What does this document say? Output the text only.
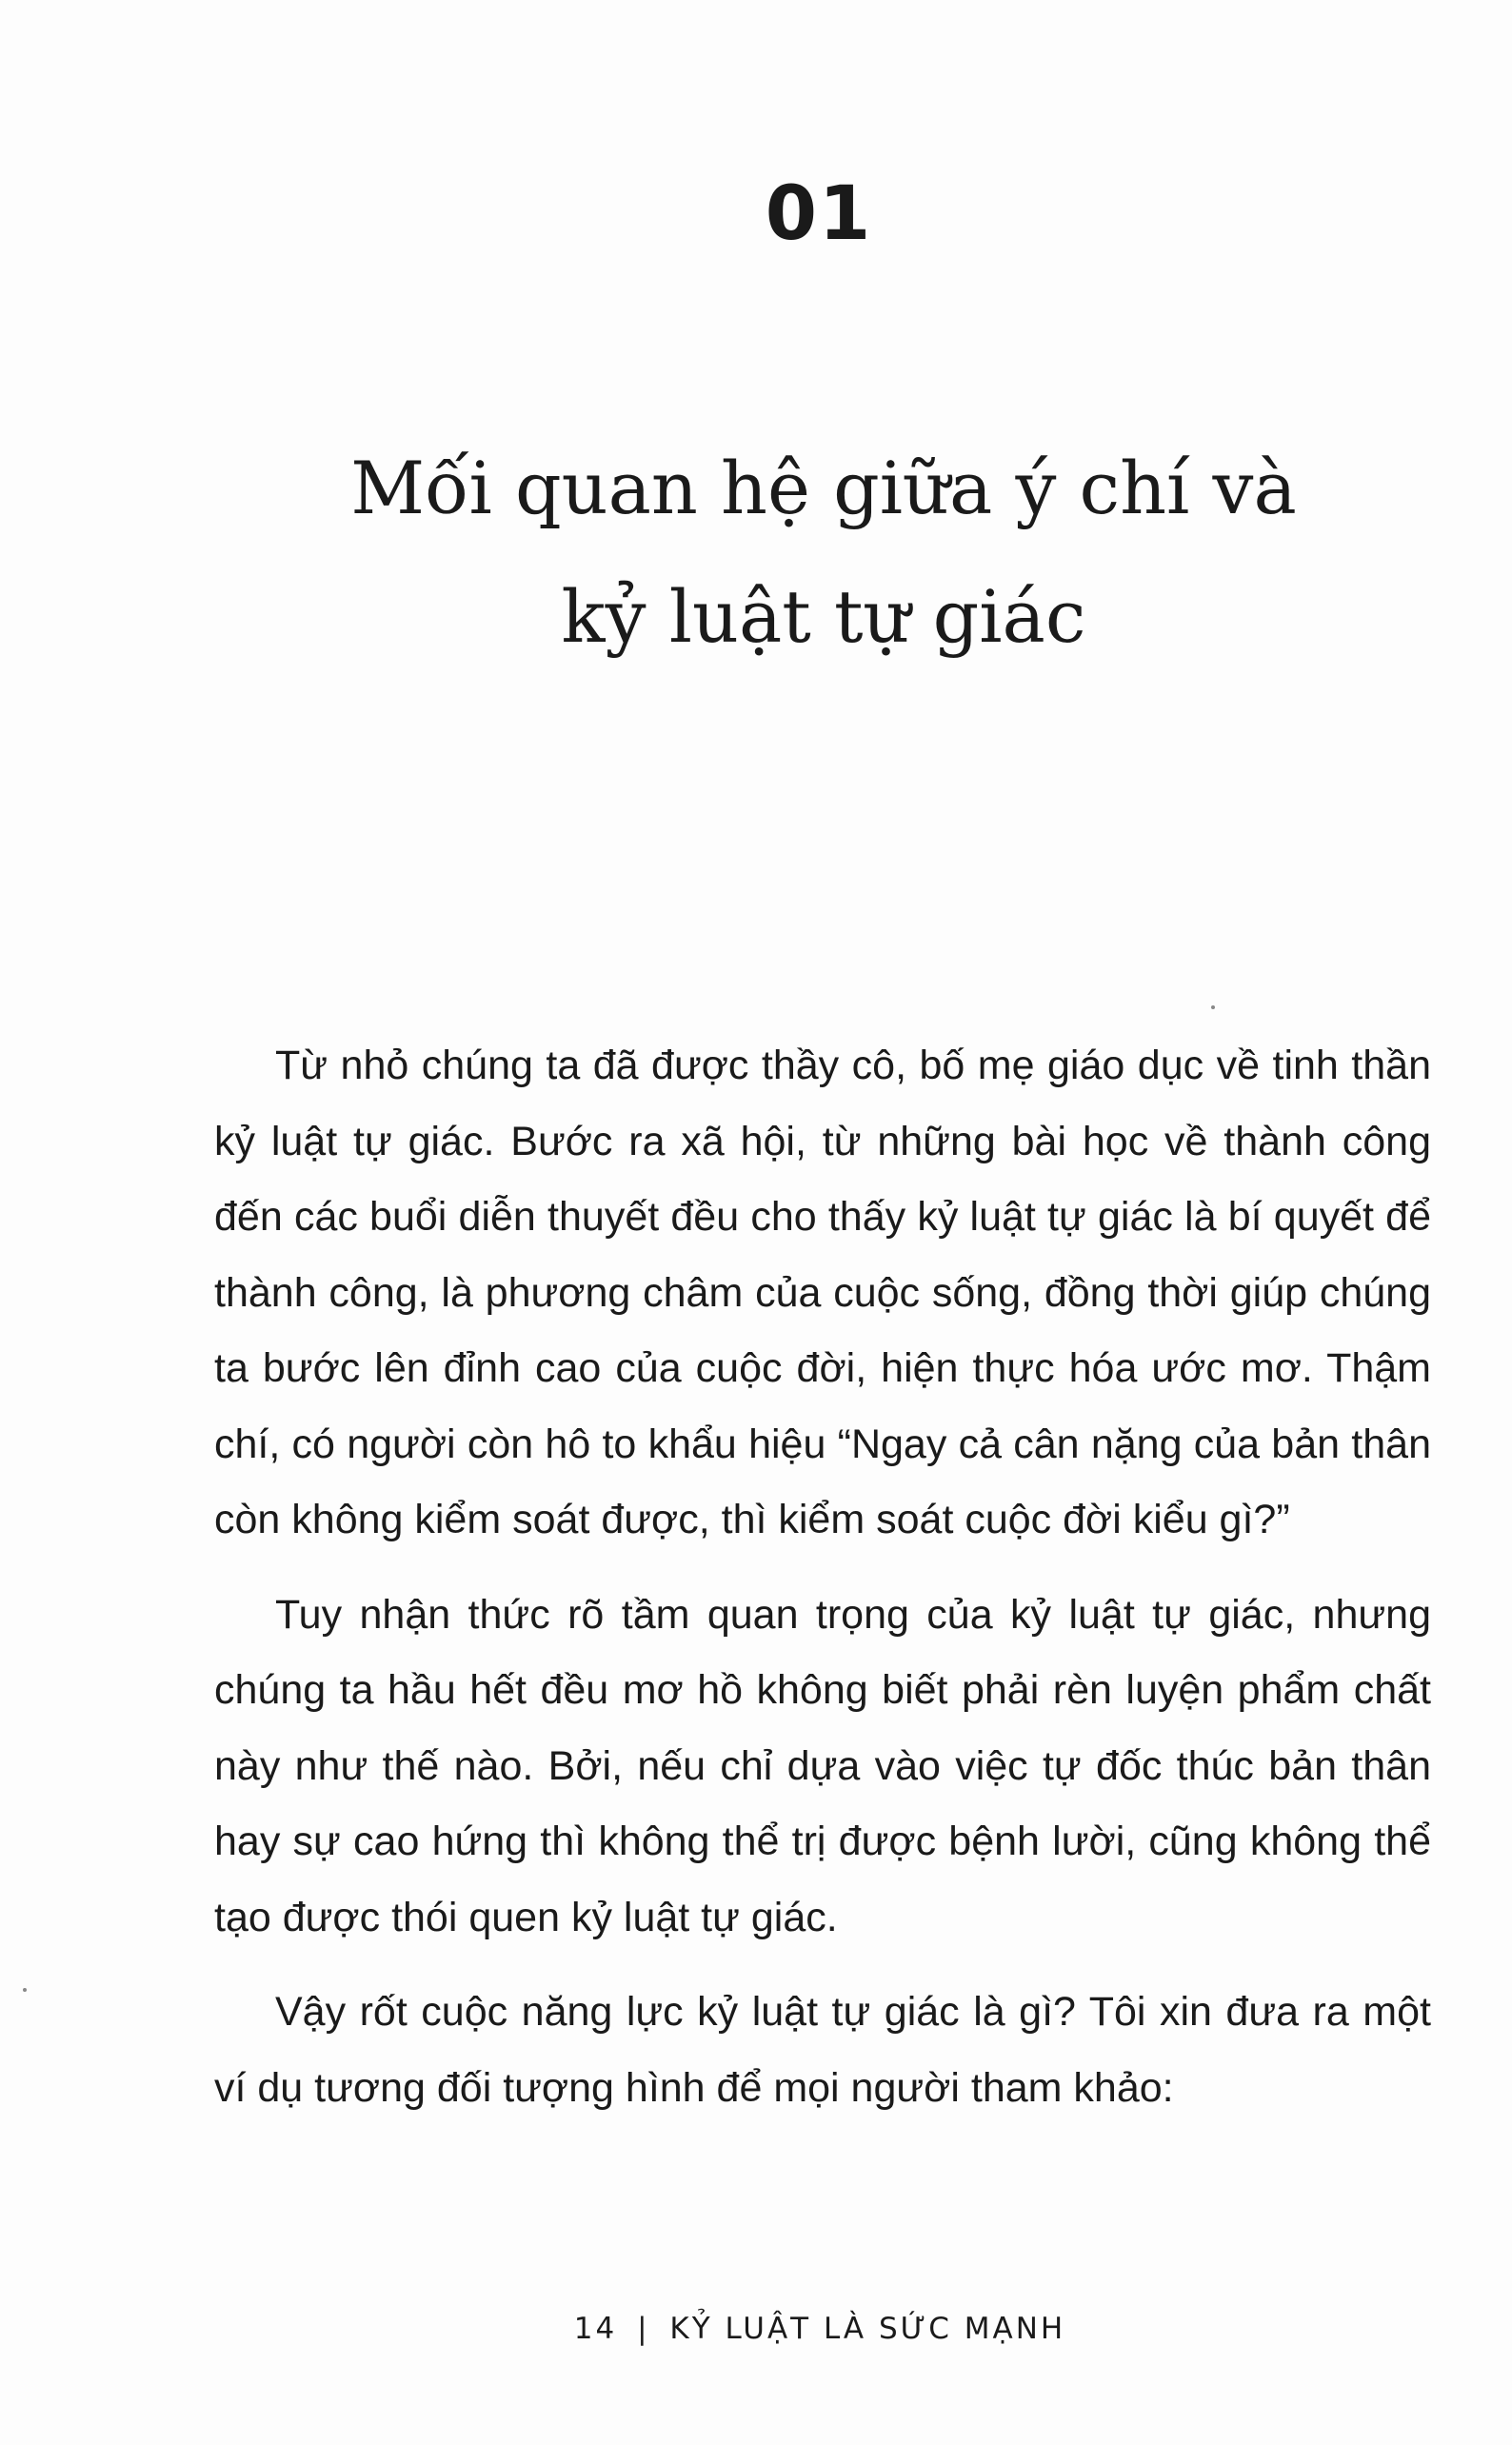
01
Mối quan hệ giữa ý chí và
kỷ luật tự giác

Từ nhỏ chúng ta đã được thầy cô, bố mẹ giáo dục về tinh thần kỷ luật tự giác. Bước ra xã hội, từ những bài học về thành công đến các buổi diễn thuyết đều cho thấy kỷ luật tự giác là bí quyết để thành công, là phương châm của cuộc sống, đồng thời giúp chúng ta bước lên đỉnh cao của cuộc đời, hiện thực hóa ước mơ. Thậm chí, có người còn hô to khẩu hiệu “Ngay cả cân nặng của bản thân còn không kiểm soát được, thì kiểm soát cuộc đời kiểu gì?”

Tuy nhận thức rõ tầm quan trọng của kỷ luật tự giác, nhưng chúng ta hầu hết đều mơ hồ không biết phải rèn luyện phẩm chất này như thế nào. Bởi, nếu chỉ dựa vào việc tự đốc thúc bản thân hay sự cao hứng thì không thể trị được bệnh lười, cũng không thể tạo được thói quen kỷ luật tự giác.

Vậy rốt cuộc năng lực kỷ luật tự giác là gì? Tôi xin đưa ra một ví dụ tương đối tượng hình để mọi người tham khảo:

14 | KỶ LUẬT LÀ SỨC MẠNH
